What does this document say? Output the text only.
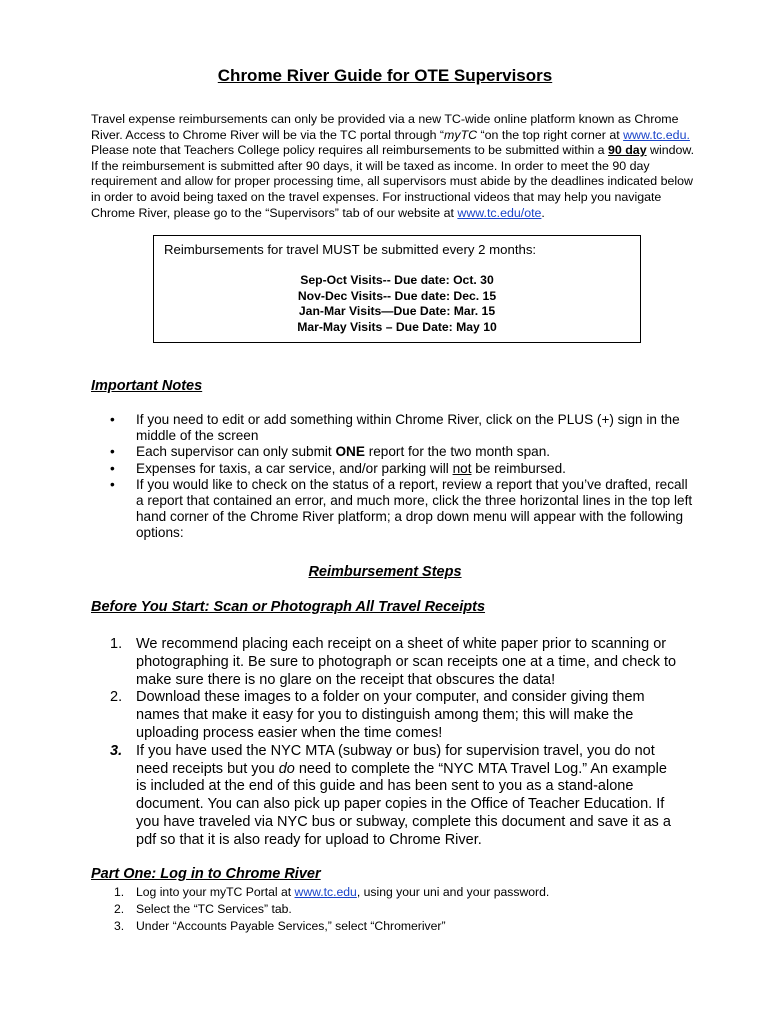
Chrome River Guide for OTE Supervisors
Travel expense reimbursements can only be provided via a new TC-wide online platform known as Chrome
River. Access to Chrome River will be via the TC portal through “myTC “on the top right corner at www.tc.edu.
Please note that Teachers College policy requires all reimbursements to be submitted within a 90 day window.
If the reimbursement is submitted after 90 days, it will be taxed as income. In order to meet the 90 day
requirement and allow for proper processing time, all supervisors must abide by the deadlines indicated below
in order to avoid being taxed on the travel expenses. For instructional videos that may help you navigate
Chrome River, please go to the “Supervisors” tab of our website at www.tc.edu/ote.
Reimbursements for travel MUST be submitted every 2 months:
Sep-Oct Visits-- Due date: Oct. 30
Nov-Dec Visits-- Due date: Dec. 15
Jan-Mar Visits—Due Date: Mar. 15
Mar-May Visits – Due Date: May 10
Important Notes
• If you need to edit or add something within Chrome River, click on the PLUS (+) sign in the
middle of the screen
• Each supervisor can only submit ONE report for the two month span.
• Expenses for taxis, a car service, and/or parking will not be reimbursed.
• If you would like to check on the status of a report, review a report that you’ve drafted, recall
a report that contained an error, and much more, click the three horizontal lines in the top left
hand corner of the Chrome River platform; a drop down menu will appear with the following
options:
Reimbursement Steps
Before You Start: Scan or Photograph All Travel Receipts
1. We recommend placing each receipt on a sheet of white paper prior to scanning or
photographing it. Be sure to photograph or scan receipts one at a time, and check to
make sure there is no glare on the receipt that obscures the data!
2. Download these images to a folder on your computer, and consider giving them
names that make it easy for you to distinguish among them; this will make the
uploading process easier when the time comes!
3. If you have used the NYC MTA (subway or bus) for supervision travel, you do not
need receipts but you do need to complete the “NYC MTA Travel Log.” An example
is included at the end of this guide and has been sent to you as a stand-alone
document. You can also pick up paper copies in the Office of Teacher Education. If
you have traveled via NYC bus or subway, complete this document and save it as a
pdf so that it is also ready for upload to Chrome River.
Part One: Log in to Chrome River
1. Log into your myTC Portal at www.tc.edu, using your uni and your password.
2. Select the “TC Services” tab.
3. Under “Accounts Payable Services,” select “Chromeriver”
